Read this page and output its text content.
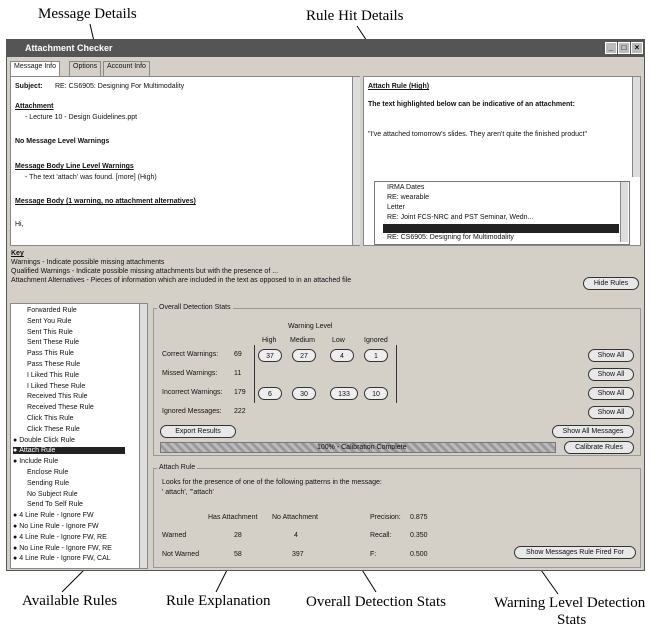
Message Details	Rule Hit Details
Available Rules	Rule Explanation Overall Detection Stats	Warning Level Detection
Stats
Attachment Checker	_	□	×
Message Info	Options	Account Info
Subject: RE: CS6905: Designing For Multimodality
Attachment
- Lecture 10 - Design Guidelines.ppt
No Message Level Warnings
Message Body Line Level Warnings
- The text 'attach' was found. [more] (High)
Message Body (1 warning, no attachment alternatives)
Hi,
Attach Rule (High)
The text highlighted below can be indicative of an attachment:
"I've attached tomorrow's slides. They aren't quite the finished product"
IRMA Dates
RE: wearable
Letter
RE: Joint FCS-NRC and PST Seminar, Wedn...
RE: CS6905: Designing for Multimodality
Key
Warnings - Indicate possible missing attachments
Qualified Warnings - Indicate possible missing attachments but with the presence of ...
Attachment Alternatives - Pieces of information which are included in the text as opposed to in an attached file	Hide Rules
Forwarded Rule
Sent You Rule
Sent This Rule
Sent These Rule
Pass This Rule
Pass These Rule
I Liked This Rule
I Liked These Rule
Received This Rule
Received These Rule
Click This Rule
Click These Rule
● Double Click Rule
● Attach Rule
● Include Rule
Enclose Rule
Sending Rule
No Subject Rule
Send To Self Rule
● 4 Line Rule - Ignore FW
● No Line Rule - Ignore FW
● 4 Line Rule - Ignore FW, RE
● No Line Rule - Ignore FW, RE
● 4 Line Rule - Ignore FW, CAL
Overall Detection Stats
Warning Level
High Medium Low	Ignored
Correct Warnings: 69	37	27	4	1
Missed Warnings: 11
Incorrect Warnings: 179	6	30	133	10
Ignored Messages: 222
Show All
Show All
Show All
Show All
Export Results	Show All Messages
100% - Calibration Complete	Calibrate Rules
Attach Rule
Looks for the presence of one of the following patterns in the message:
' attach', "'attach'
Has Attachment No Attachment
Warned	28	4
Not Warned	58	397
Precision: 0.875
Recall:	0.350
F:	0.500	Show Messages Rule Fired For
